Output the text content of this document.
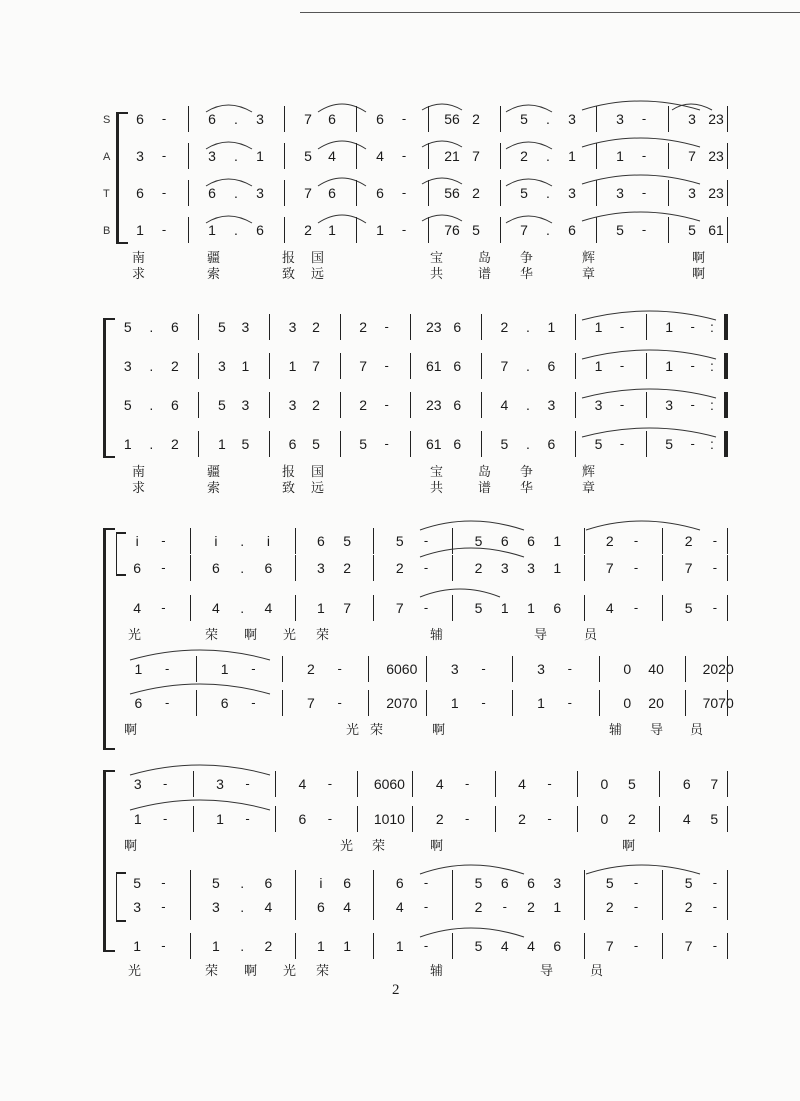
S
A
T
B
6	-	6	.	3	7	6	6	-	56 2	5	.	3	3	-	3 23
3	-	3	.	1	5	4	4	-	21 7	2	.	1	1	-	7 23
6	-	6	.	3	7	6	6	-	56 2	5	.	3	3	-	3 23
1	-	1	.	6	2	1	1	-	76 5	7	.	6	5	-	5 61
南	疆	报国	宝	岛 争	辉	啊
求	索	致远	共	谱 华	章	啊
5	.	6	5	3	3	2	2	-	23 6	2	.	1	1	-	1	-	:
3	.	2	3	1	1	7	7	-	61 6	7	.	6	1	-	1	-	:
5	.	6	5	3	3	2	2	-	23 6	4	.	3	3	-	3	-	:
1	.	2	1	5	6	5	5	-	61 6	5	.	6	5	-	5	-	:
南	疆	报国	宝	岛 争	辉
求	索	致远	共	谱 华	章
i	-	i	.	i	6	5	5	-	5	6	6	1	2	-	2	-
6	-	6	.	6	3	2	2	-	2	3	3	1	7	-	7	-
4	-	4	.	4	1	7	7	-	5	1	1	6	4	-	5	-
光	荣 啊 光 荣	辅	导	员
1	-	1	-	2	-	6060	3	-	3	-	0	40	2020
6	-	6	-	7	-	2070	1	-	1	-	0	20	7070
啊	光 荣	啊	辅 导 员
3	-	3	-	4	-	6060	4	-	4	-	0	5	6	7
1	-	1	-	6	-	1010	2	-	2	-	0	2	4	5
啊	光 荣	啊	啊
5	-	5	.	6	i	6	6	-	5	6	6	3	5	-	5	-
3	-	3	.	4	6	4	4	-	2	-	2	1	2	-	2	-
1	-	1	.	2	1	1	1	-	5	4	4	6	7	-	7	-
光	荣 啊 光 荣	辅	导	员
2
